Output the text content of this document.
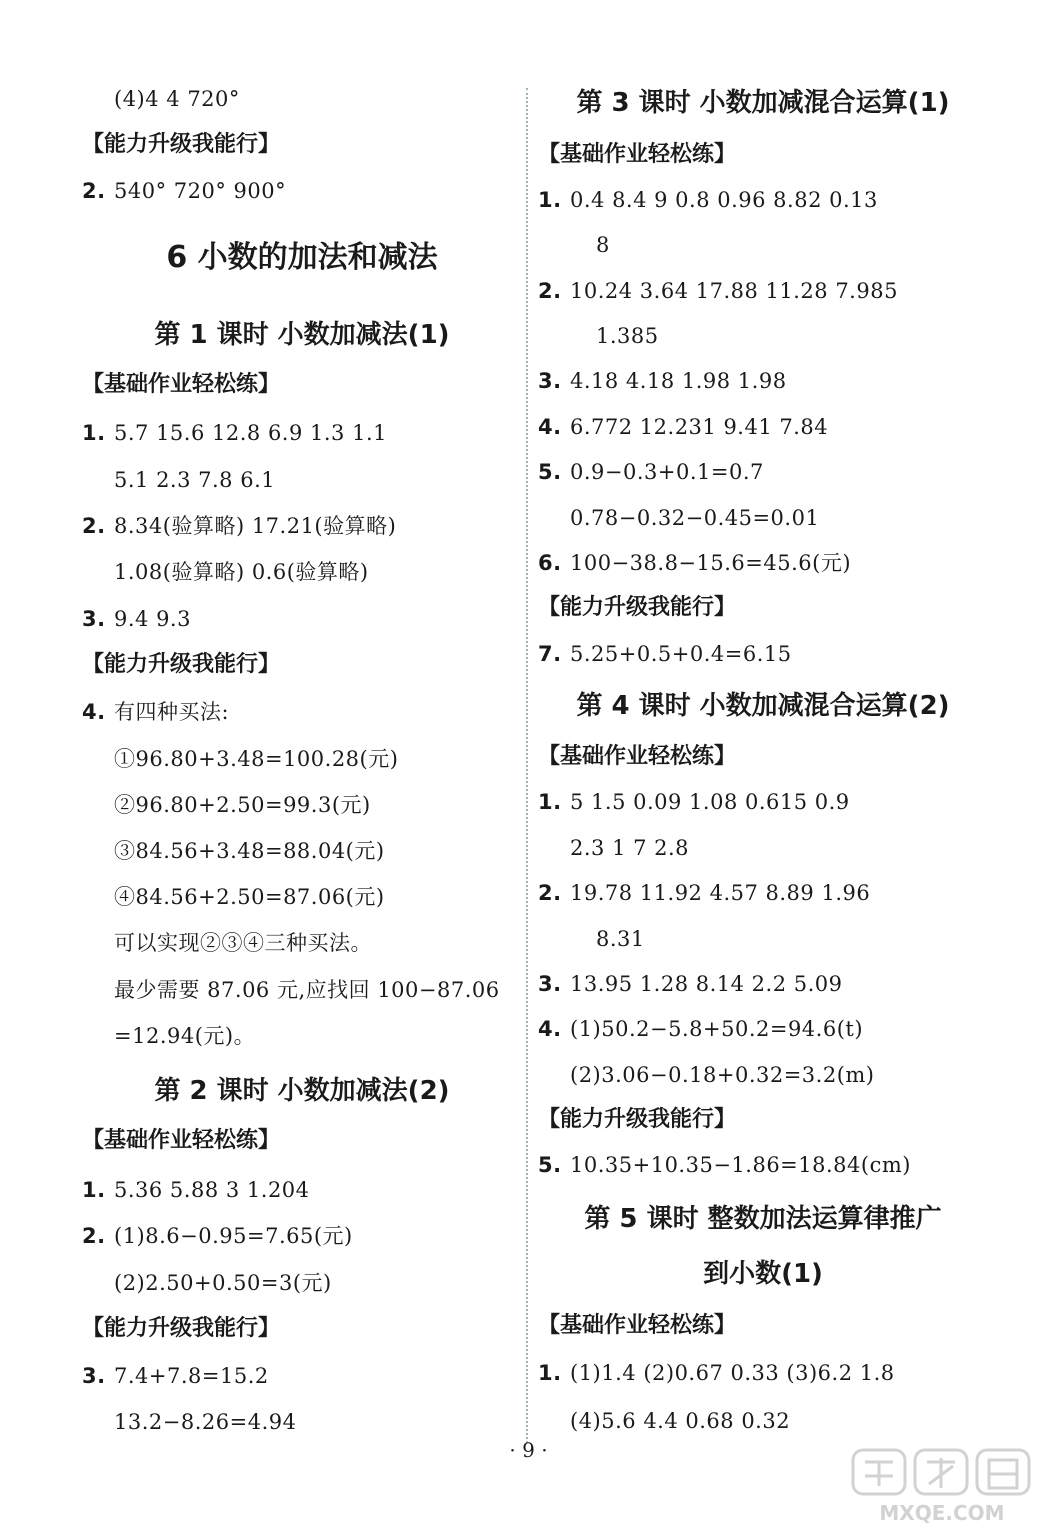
(4)4 4 720°
【能力升级我能行】
2. 540° 720° 900°
6 小数的加法和减法
第 1 课时 小数加减法(1)
【基础作业轻松练】
1. 5.7 15.6 12.8 6.9 1.3 1.1
5.1 2.3 7.8 6.1
2. 8.34(验算略) 17.21(验算略)
1.08(验算略) 0.6(验算略)
3. 9.4 9.3
【能力升级我能行】
4. 有四种买法:
①96.80+3.48=100.28(元)
②96.80+2.50=99.3(元)
③84.56+3.48=88.04(元)
④84.56+2.50=87.06(元)
可以实现②③④三种买法。
最少需要 87.06 元,应找回 100−87.06
=12.94(元)。
第 2 课时 小数加减法(2)
【基础作业轻松练】
1. 5.36 5.88 3 1.204
2. (1)8.6−0.95=7.65(元)
(2)2.50+0.50=3(元)
【能力升级我能行】
3. 7.4+7.8=15.2
13.2−8.26=4.94
第 3 课时 小数加减混合运算(1)
【基础作业轻松练】
1. 0.4 8.4 9 0.8 0.96 8.82 0.13
8
2. 10.24 3.64 17.88 11.28 7.985
1.385
3. 4.18 4.18 1.98 1.98
4. 6.772 12.231 9.41 7.84
5. 0.9−0.3+0.1=0.7
0.78−0.32−0.45=0.01
6. 100−38.8−15.6=45.6(元)
【能力升级我能行】
7. 5.25+0.5+0.4=6.15
第 4 课时 小数加减混合运算(2)
【基础作业轻松练】
1. 5 1.5 0.09 1.08 0.615 0.9
2.3 1 7 2.8
2. 19.78 11.92 4.57 8.89 1.96
8.31
3. 13.95 1.28 8.14 2.2 5.09
4. (1)50.2−5.8+50.2=94.6(t)
(2)3.06−0.18+0.32=3.2(m)
【能力升级我能行】
5. 10.35+10.35−1.86=18.84(cm)
第 5 课时 整数加法运算律推广
到小数(1)
【基础作业轻松练】
1. (1)1.4 (2)0.67 0.33 (3)6.2 1.8
(4)5.6 4.4 0.68 0.32
· 9 ·
MXQE.COM
